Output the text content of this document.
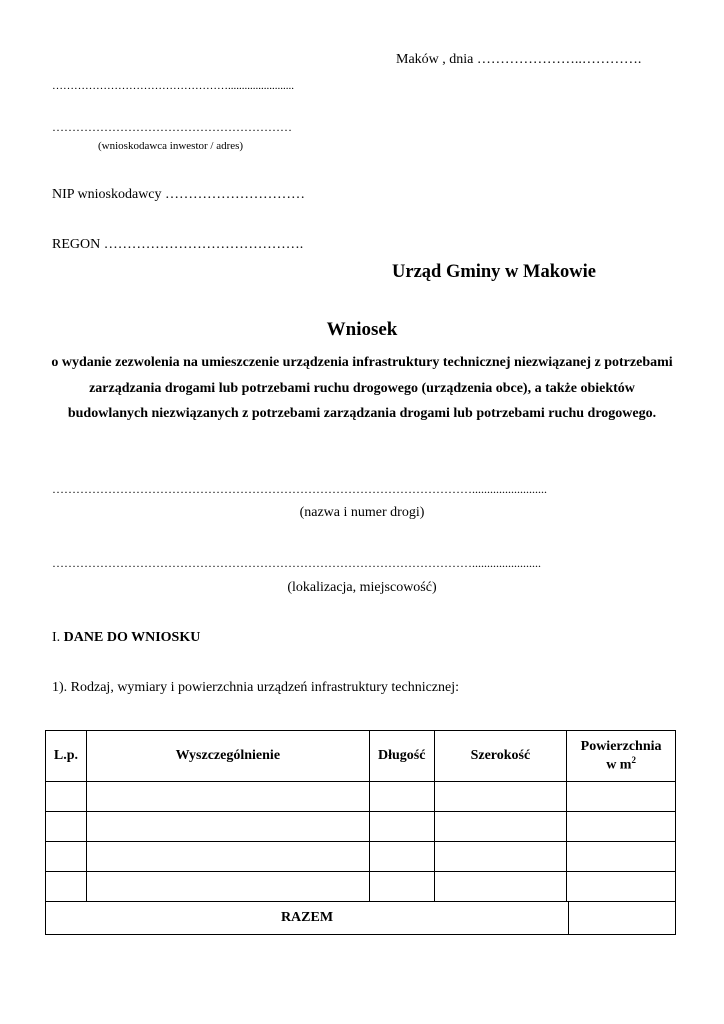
Maków , dnia …………………..………….
…………………………………………........................
……………………………………………………
(wnioskodawca inwestor / adres)
NIP wnioskodawcy …………………………
REGON …………………………………….
Urząd Gminy w Makowie
Wniosek
o wydanie zezwolenia na umieszczenie urządzenia infrastruktury technicznej niezwiązanej z potrzebami zarządzania drogami lub potrzebami ruchu drogowego (urządzenia obce), a także obiektów budowlanych niezwiązanych z potrzebami zarządzania drogami lub potrzebami ruchu drogowego.
…………………………………………………………………………………………….........................
(nazwa i numer drogi)
…………………………………………………………………………………………….......................
(lokalizacja, miejscowość)
I. DANE DO WNIOSKU
1). Rodzaj, wymiary i powierzchnia urządzeń infrastruktury technicznej:
L.p.	Wyszczególnienie	Długość	Szerokość	Powierzchnia
w $m^2$

RAZEM				
